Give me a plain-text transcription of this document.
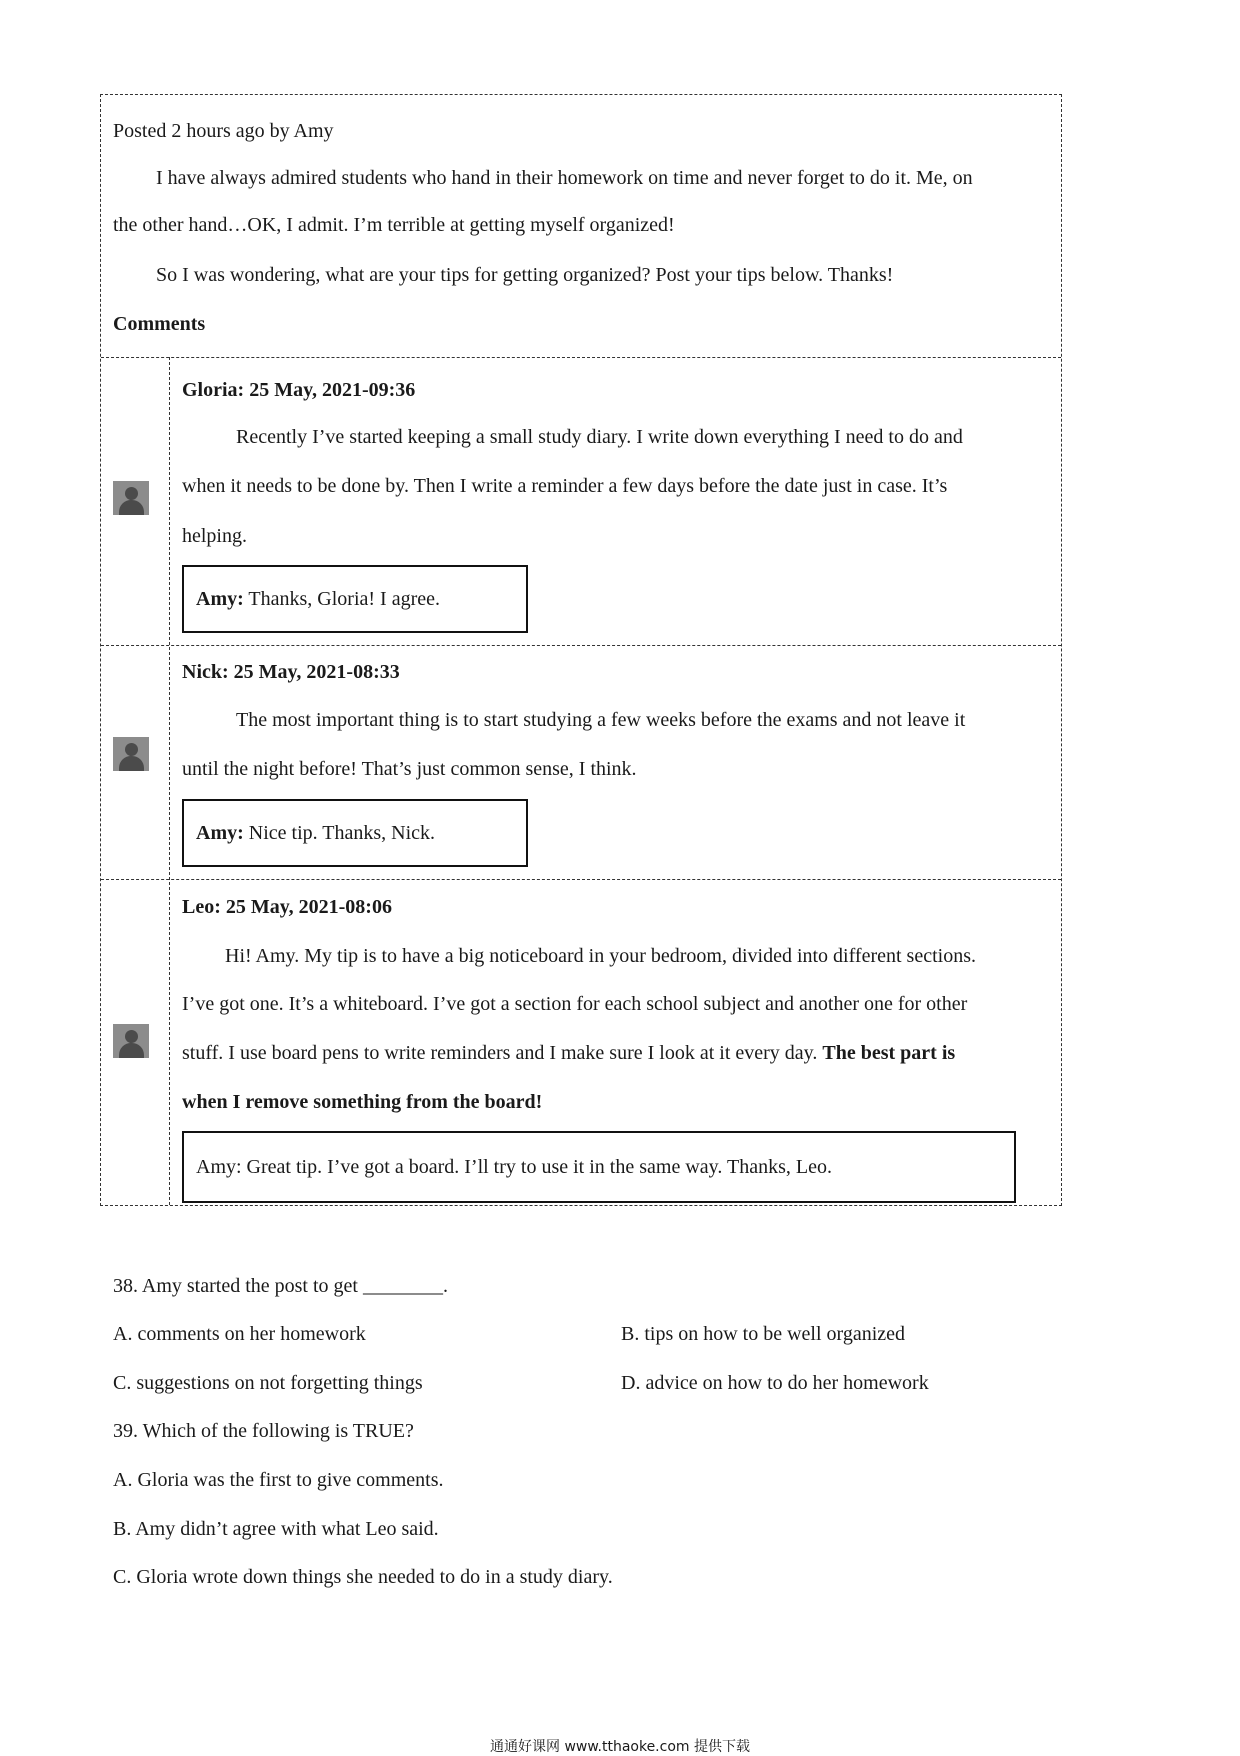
Posted 2 hours ago by Amy
I have always admired students who hand in their homework on time and never forget to do it. Me, on
the other hand…OK, I admit. I’m terrible at getting myself organized!
So I was wondering, what are your tips for getting organized? Post your tips below. Thanks!
Comments
Gloria: 25 May, 2021-09:36
Recently I’ve started keeping a small study diary. I write down everything I need to do and
when it needs to be done by. Then I write a reminder a few days before the date just in case. It’s
helping.
Amy: Thanks, Gloria! I agree.
Nick: 25 May, 2021-08:33
The most important thing is to start studying a few weeks before the exams and not leave it
until the night before! That’s just common sense, I think.
Amy: Nice tip. Thanks, Nick.
Leo: 25 May, 2021-08:06
Hi! Amy. My tip is to have a big noticeboard in your bedroom, divided into different sections.
I’ve got one. It’s a whiteboard. I’ve got a section for each school subject and another one for other
stuff. I use board pens to write reminders and I make sure I look at it every day. The best part is
when I remove something from the board!
Amy: Great tip. I’ve got a board. I’ll try to use it in the same way. Thanks, Leo.
38. Amy started the post to get ________.
A. comments on her homework	B. tips on how to be well organized
C. suggestions on not forgetting things	D. advice on how to do her homework
39. Which of the following is TRUE?
A. Gloria was the first to give comments.
B. Amy didn’t agree with what Leo said.
C. Gloria wrote down things she needed to do in a study diary.
通通好课网 www.tthaoke.com 提供下载
